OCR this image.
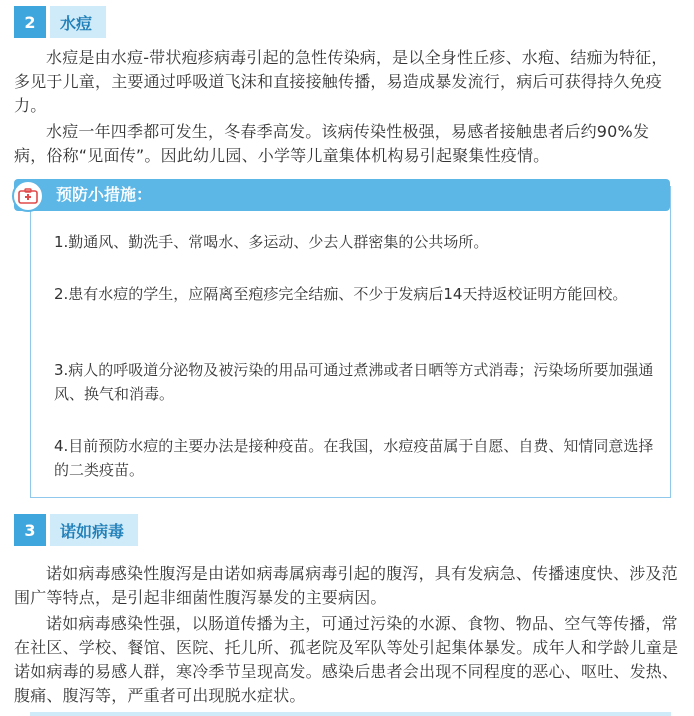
2	水痘

水痘是由水痘-带状疱疹病毒引起的急性传染病，是以全身性丘疹、水疱、结痂为特征，多见于儿童，主要通过呼吸道飞沫和直接接触传播，易造成暴发流行，病后可获得持久免疫力。

水痘一年四季都可发生，冬春季高发。该病传染性极强，易感者接触患者后约90%发病，俗称“见面传”。因此幼儿园、小学等儿童集体机构易引起聚集性疫情。

预防小措施：

1.勤通风、勤洗手、常喝水、多运动、少去人群密集的公共场所。

2.患有水痘的学生，应隔离至疱疹完全结痂、不少于发病后14天持返校证明方能回校。

3.病人的呼吸道分泌物及被污染的用品可通过煮沸或者日晒等方式消毒；污染场所要加强通风、换气和消毒。

4.目前预防水痘的主要办法是接种疫苗。在我国，水痘疫苗属于自愿、自费、知情同意选择的二类疫苗。

3	诺如病毒

诺如病毒感染性腹泻是由诺如病毒属病毒引起的腹泻，具有发病急、传播速度快、涉及范围广等特点，是引起非细菌性腹泻暴发的主要病因。

诺如病毒感染性强，以肠道传播为主，可通过污染的水源、食物、物品、空气等传播，常在社区、学校、餐馆、医院、托儿所、孤老院及军队等处引起集体暴发。成年人和学龄儿童是诺如病毒的易感人群，寒冷季节呈现高发。感染后患者会出现不同程度的恶心、呕吐、发热、腹痛、腹泻等，严重者可出现脱水症状。
